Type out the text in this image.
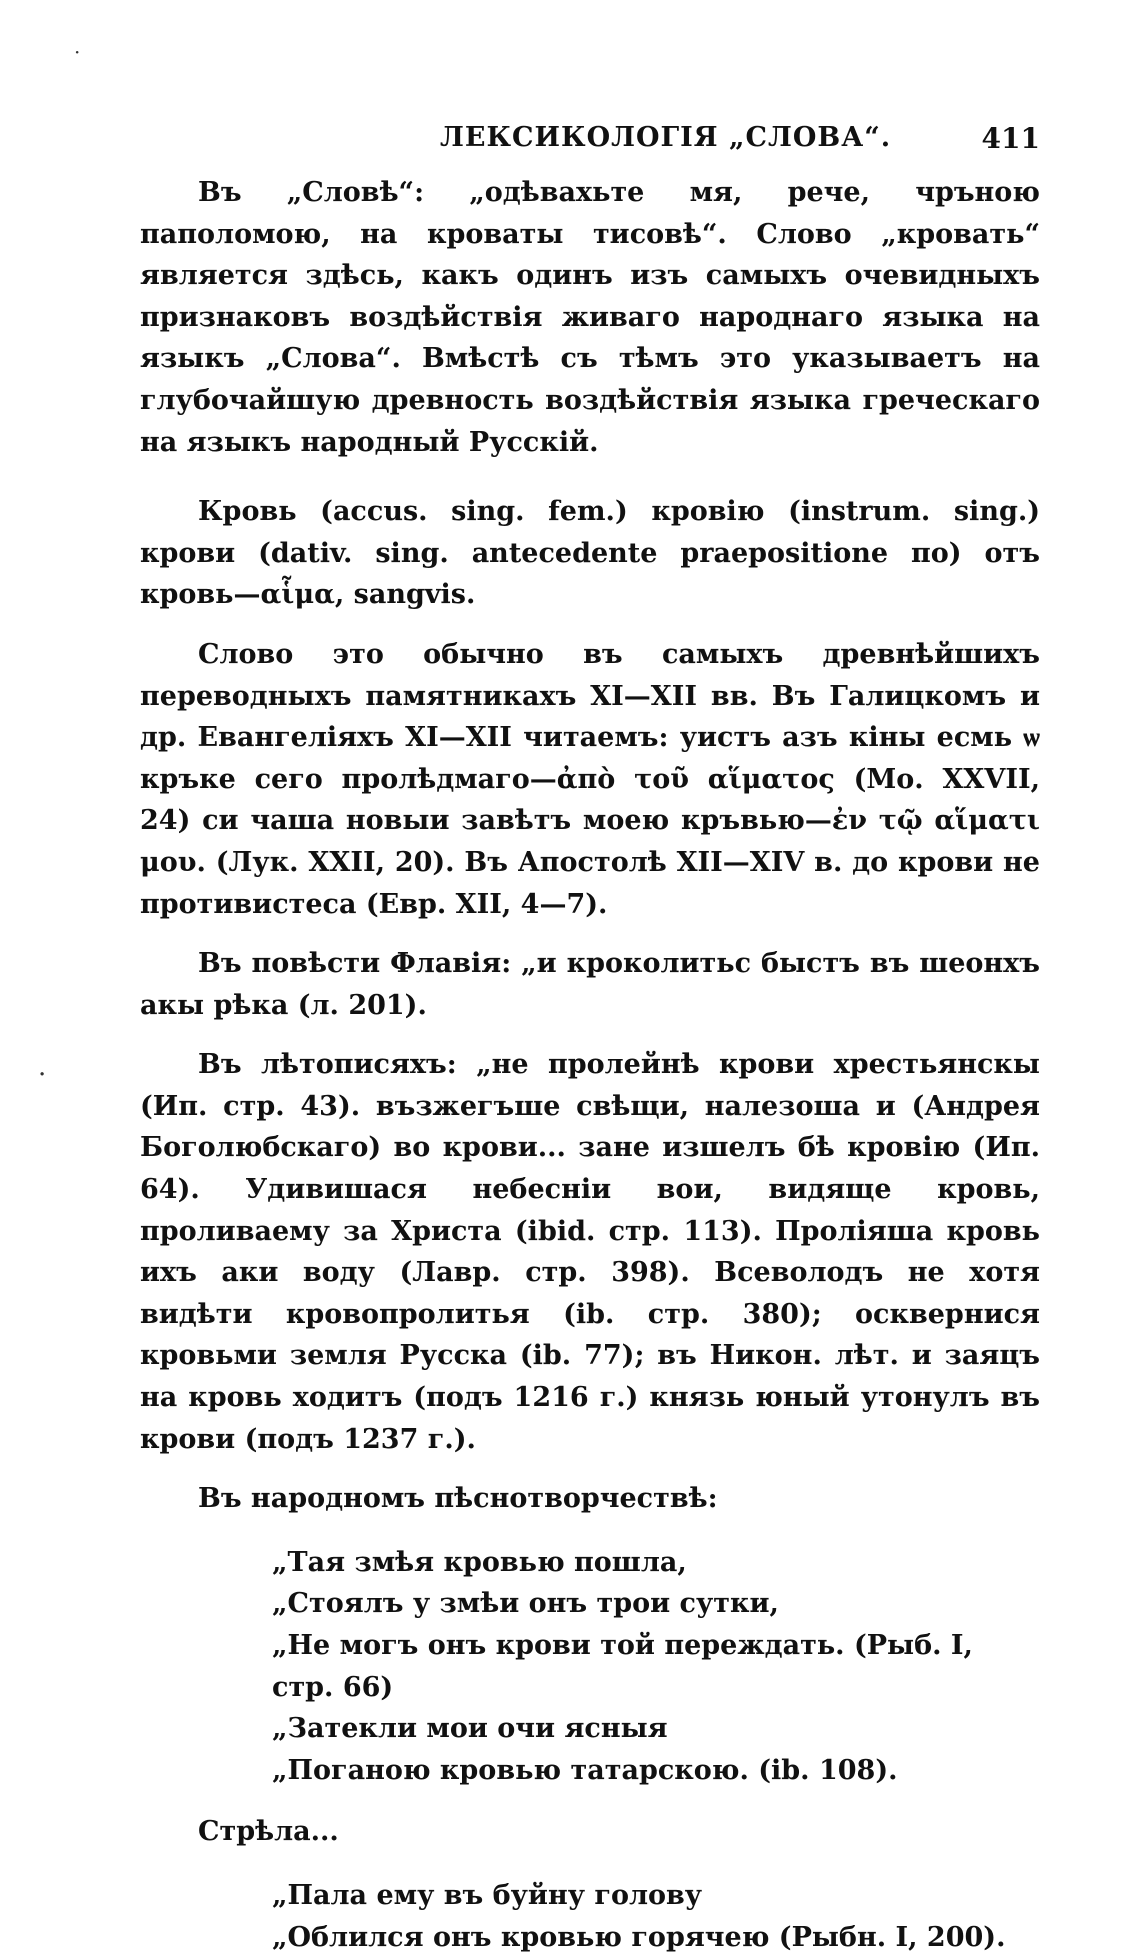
ЛЕКСИКОЛОГІЯ „СЛОВА“.	411

Въ „Словѣ“: „одѣвахьте мя, рече, чръною паполомою, на кроваты тисовѣ“. Слово „кровать“ является здѣсь, какъ одинъ изъ самыхъ очевидныхъ признаковъ воздѣйствія живаго народнаго языка на языкъ „Слова“. Вмѣстѣ съ тѣмъ это указываетъ на глубочайшую древность воздѣйствія языка греческаго на языкъ народный Русскій.

Кровь (accus. sing. fem.) кровію (instrum. sing.) крови (dativ. sing. antecedente praepositione по) отъ кровь—αἷμα, sangvis.

Слово это обычно въ самыхъ древнѣйшихъ переводныхъ памятникахъ XI—XII вв. Въ Галицкомъ и др. Евангеліяхъ XI—XII читаемъ: уистъ азъ кіны есмь ѡ кръке сего пролѣдмаго—ἀπὸ τοῦ αἵματος (Мо. XXVII, 24) си чаша новыи завѣтъ моею кръвью—ἐν τῷ αἵματι μου. (Лук. XXII, 20). Въ Апостолѣ XII—XIV в. до крови не противистеса (Евр. XII, 4—7).

Въ повѣсти Флавія: „и кроколитьс быстъ въ шеонхъ акы рѣка (л. 201).

Въ лѣтописяхъ: „не пролейнѣ крови хрестьянскы (Ип. стр. 43). възжегъше свѣщи, налезоша и (Андрея Боголюбскаго) во крови... зане изшелъ бѣ кровію (Ип. 64). Удивишася небесніи вои, видяще кровь, проливаему за Христа (ibid. стр. 113). Проліяша кровь ихъ аки воду (Лавр. стр. 398). Всеволодъ не хотя видѣти кровопролитья (ib. стр. 380); осквернися кровьми земля Русска (ib. 77); въ Никон. лѣт. и заяцъ на кровь ходитъ (подъ 1216 г.) князь юный утонулъ въ крови (подъ 1237 г.).

Въ народномъ пѣснотворчествѣ:

„Тая змѣя кровью пошла,

„Стоялъ у змѣи онъ трои сутки,

„Не могъ онъ крови той переждать. (Рыб. I, стр. 66)

„Затекли мои очи ясныя

„Поганою кровью татарскою. (ib. 108).

Стрѣла...

„Пала ему въ буйну голову

„Облился онъ кровью горячею (Рыбн. I, 200).

·
·
